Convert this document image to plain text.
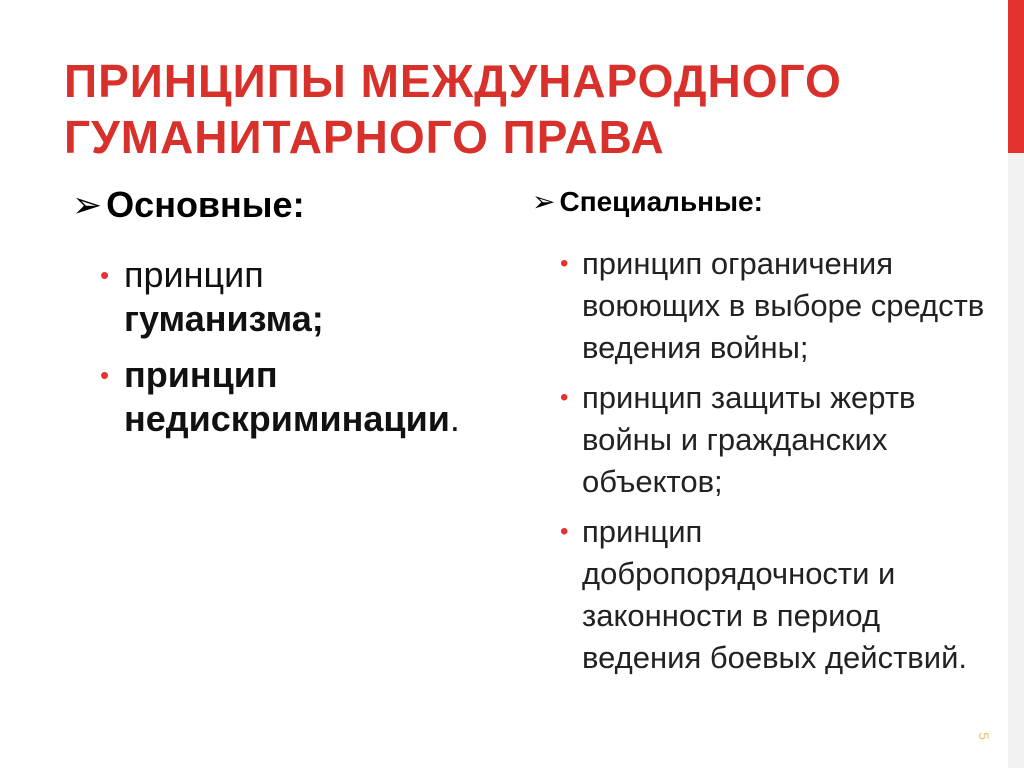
ПРИНЦИПЫ МЕЖДУНАРОДНОГО
ГУМАНИТАРНОГО ПРАВА
➢ Основные:
• принцип
гуманизма;
• принцип недискриминации.
➢ Специальные:
• принцип ограничения воюющих в выборе средств ведения войны;
• принцип защиты жертв войны и гражданских объектов;
• принцип добропорядочности и законности в период ведения боевых действий.
5
